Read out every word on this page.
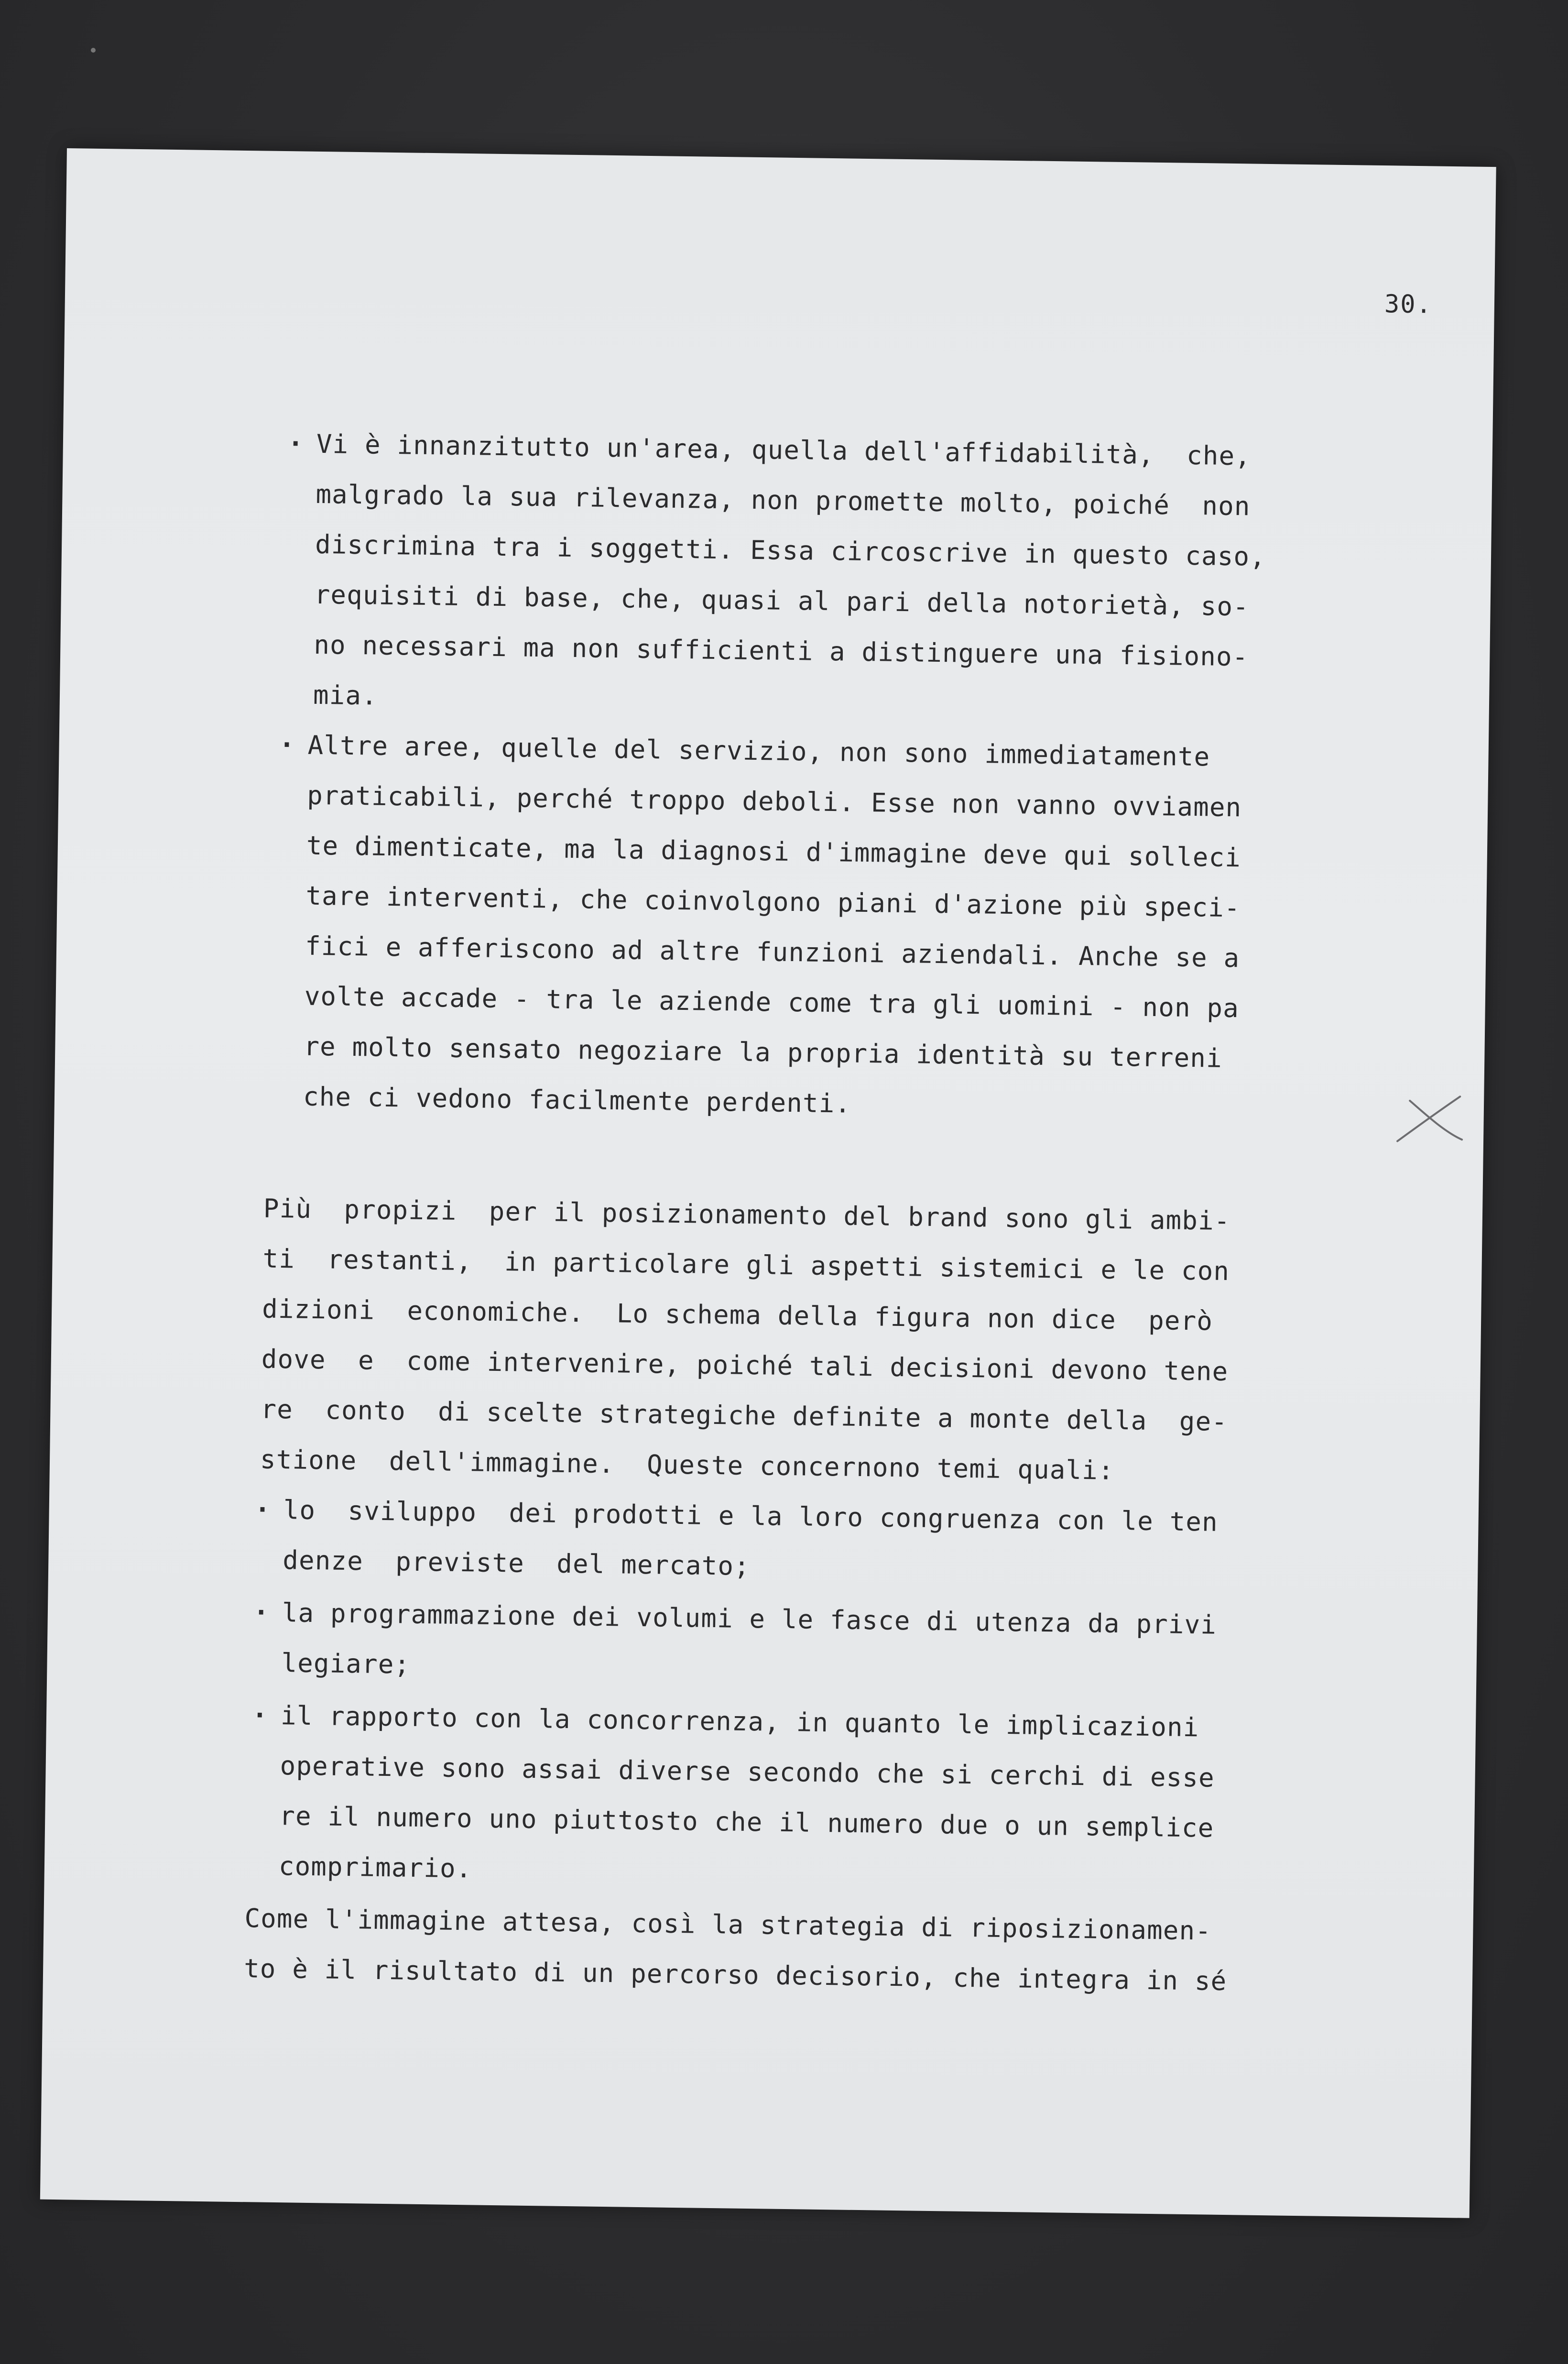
30.
· Vi è innanzitutto un'area, quella dell'affidabilità,  che,
malgrado la sua rilevanza, non promette molto, poiché  non
discrimina tra i soggetti. Essa circoscrive in questo caso,
requisiti di base, che, quasi al pari della notorietà, so-
no necessari ma non sufficienti a distinguere una fisiono-
mia.
· Altre aree, quelle del servizio, non sono immediatamente
praticabili, perché troppo deboli. Esse non vanno ovviamen
te dimenticate, ma la diagnosi d'immagine deve qui solleci
tare interventi, che coinvolgono piani d'azione più speci-
fici e afferiscono ad altre funzioni aziendali. Anche se a
volte accade - tra le aziende come tra gli uomini - non pa
re molto sensato negoziare la propria identità su terreni
che ci vedono facilmente perdenti.
Più  propizi  per il posizionamento del brand sono gli ambi-
ti  restanti,  in particolare gli aspetti sistemici e le con
dizioni  economiche.  Lo schema della figura non dice  però
dove  e  come intervenire, poiché tali decisioni devono tene
re  conto  di scelte strategiche definite a monte della  ge-
stione  dell'immagine.  Queste concernono temi quali:
· lo  sviluppo  dei prodotti e la loro congruenza con le ten
denze  previste  del mercato;
· la programmazione dei volumi e le fasce di utenza da privi
legiare;
· il rapporto con la concorrenza, in quanto le implicazioni
operative sono assai diverse secondo che si cerchi di esse
re il numero uno piuttosto che il numero due o un semplice
comprimario.
Come l'immagine attesa, così la strategia di riposizionamen-
to è il risultato di un percorso decisorio, che integra in sé
